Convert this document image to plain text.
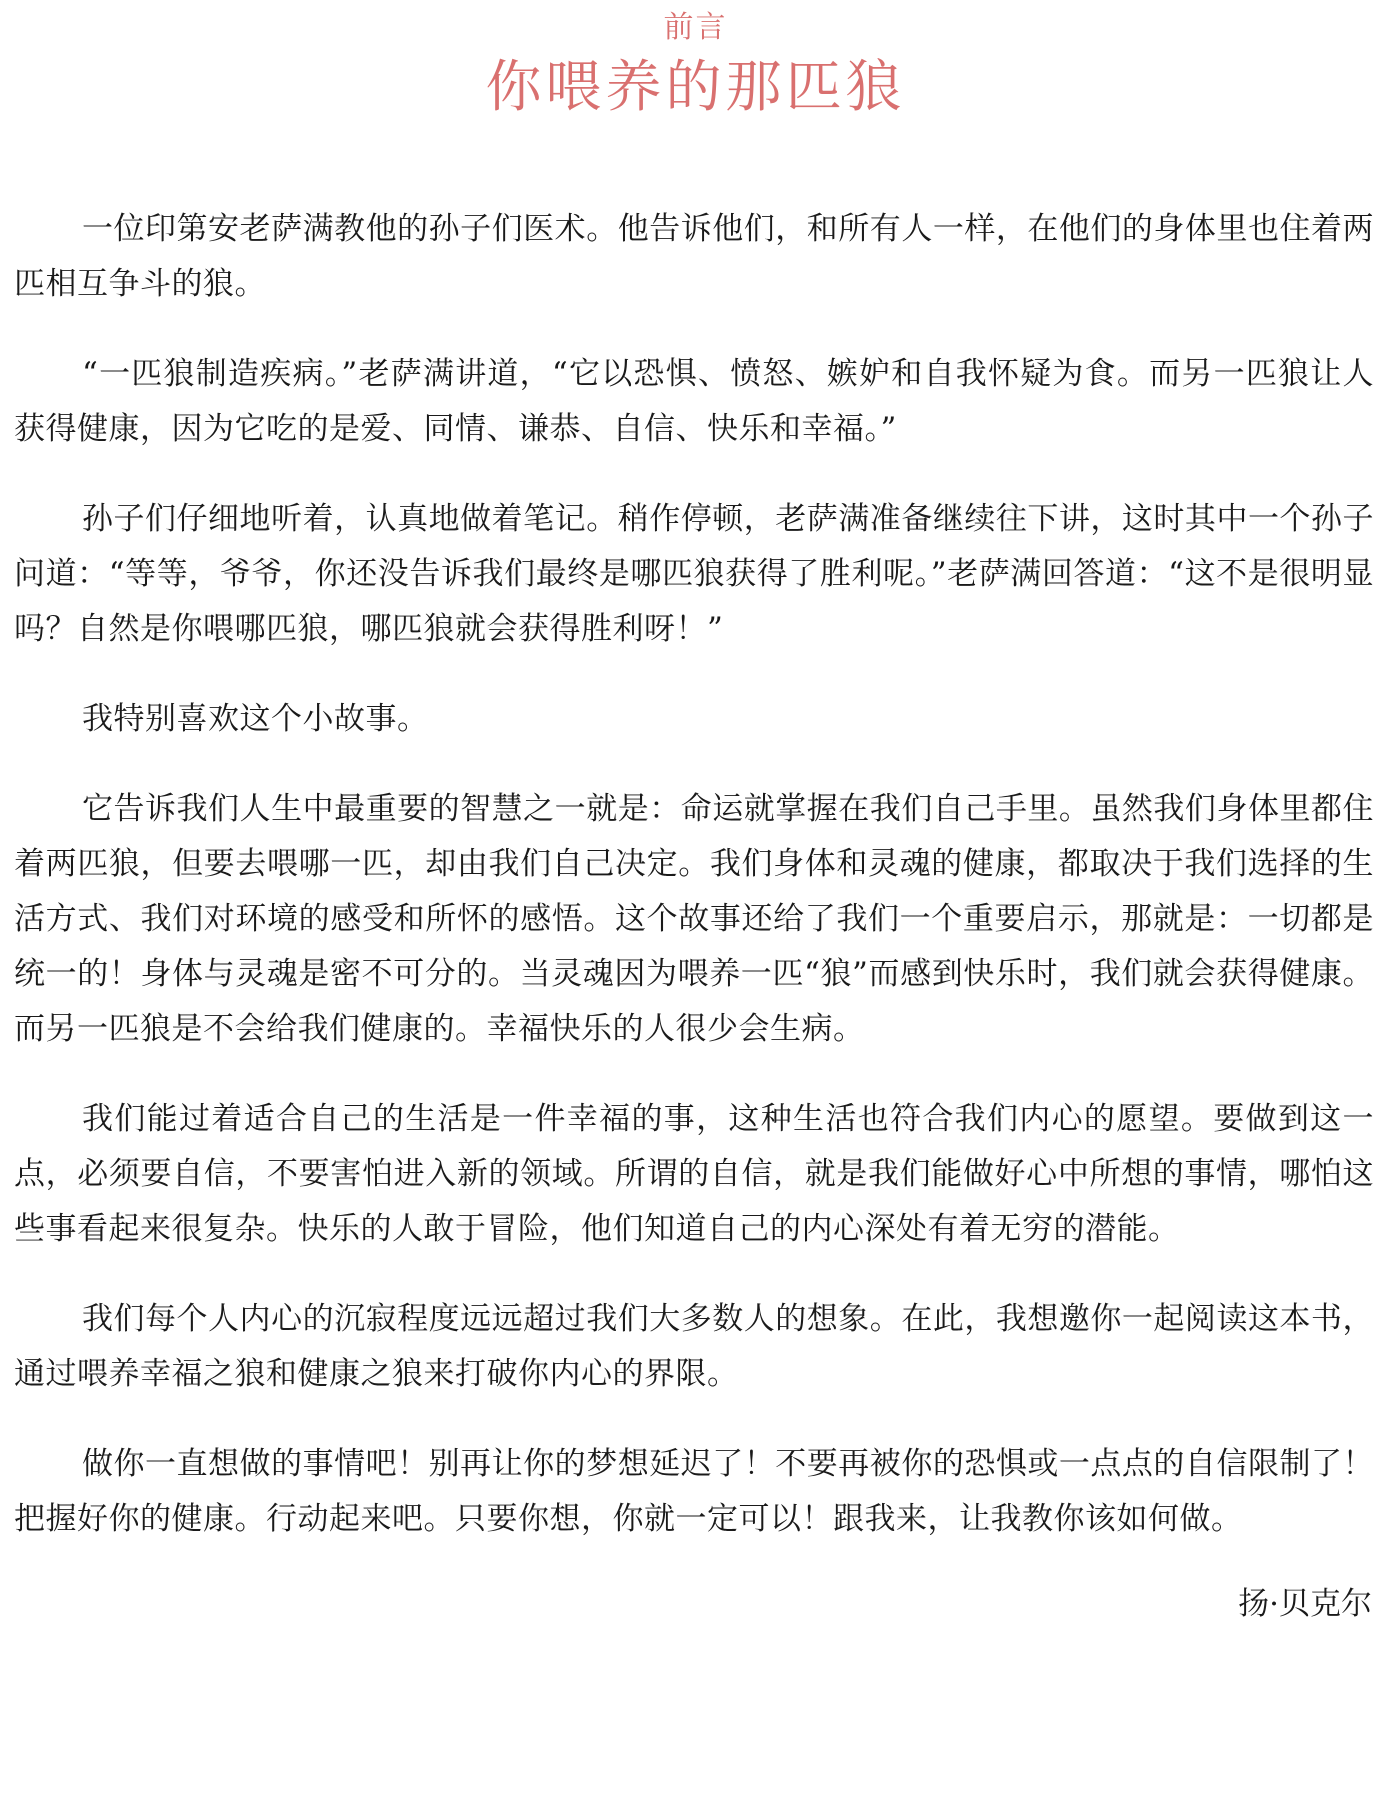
前言
你喂养的那匹狼

一位印第安老萨满教他的孙子们医术。他告诉他们，和所有人一样，在他们的身体里也住着两匹相互争斗的狼。

“一匹狼制造疾病。”老萨满讲道，“它以恐惧、愤怒、嫉妒和自我怀疑为食。而另一匹狼让人获得健康，因为它吃的是爱、同情、谦恭、自信、快乐和幸福。”

孙子们仔细地听着，认真地做着笔记。稍作停顿，老萨满准备继续往下讲，这时其中一个孙子问道：“等等，爷爷，你还没告诉我们最终是哪匹狼获得了胜利呢。”老萨满回答道：“这不是很明显吗？自然是你喂哪匹狼，哪匹狼就会获得胜利呀！”

我特别喜欢这个小故事。

它告诉我们人生中最重要的智慧之一就是：命运就掌握在我们自己手里。虽然我们身体里都住着两匹狼，但要去喂哪一匹，却由我们自己决定。我们身体和灵魂的健康，都取决于我们选择的生活方式、我们对环境的感受和所怀的感悟。这个故事还给了我们一个重要启示，那就是：一切都是统一的！身体与灵魂是密不可分的。当灵魂因为喂养一匹“狼”而感到快乐时，我们就会获得健康。而另一匹狼是不会给我们健康的。幸福快乐的人很少会生病。

我们能过着适合自己的生活是一件幸福的事，这种生活也符合我们内心的愿望。要做到这一点，必须要自信，不要害怕进入新的领域。所谓的自信，就是我们能做好心中所想的事情，哪怕这些事看起来很复杂。快乐的人敢于冒险，他们知道自己的内心深处有着无穷的潜能。

我们每个人内心的沉寂程度远远超过我们大多数人的想象。在此，我想邀你一起阅读这本书，通过喂养幸福之狼和健康之狼来打破你内心的界限。

做你一直想做的事情吧！别再让你的梦想延迟了！不要再被你的恐惧或一点点的自信限制了！把握好你的健康。行动起来吧。只要你想，你就一定可以！跟我来，让我教你该如何做。

扬·贝克尔
